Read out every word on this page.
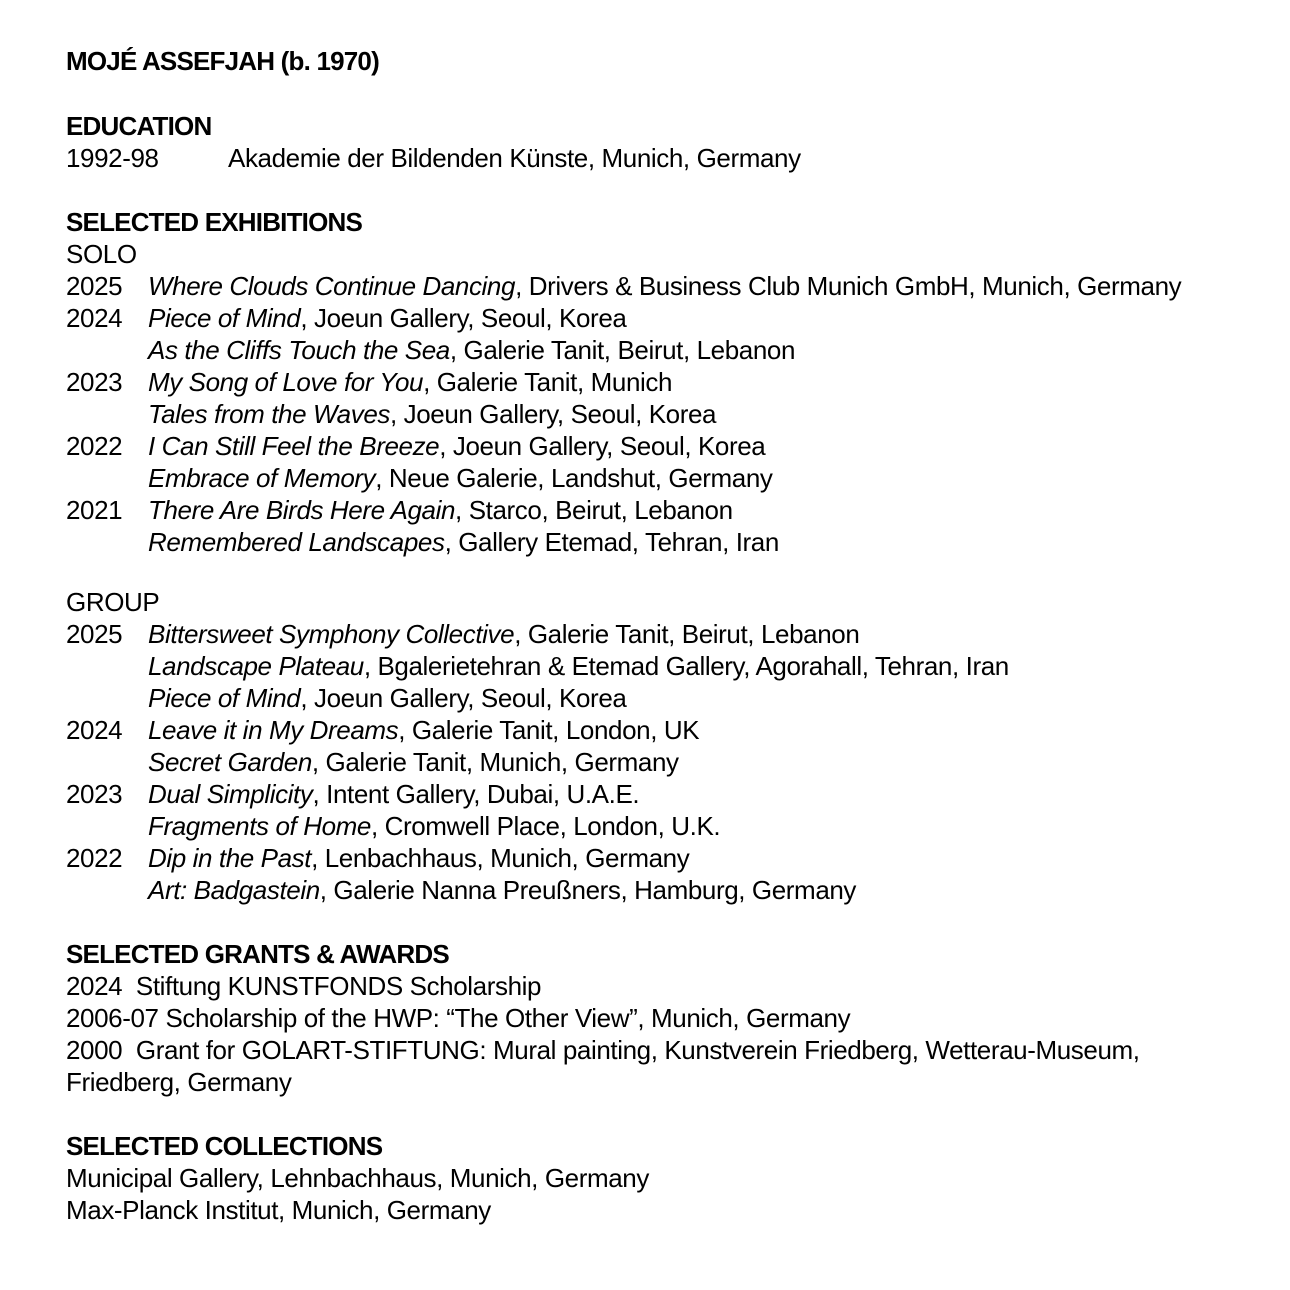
MOJÉ ASSEFJAH (b. 1970)
EDUCATION
1992-98	Akademie der Bildenden Künste, Munich, Germany
SELECTED EXHIBITIONS
SOLO
2025 Where Clouds Continue Dancing, Drivers & Business Club Munich GmbH, Munich, Germany
2024 Piece of Mind, Joeun Gallery, Seoul, Korea
As the Cliffs Touch the Sea, Galerie Tanit, Beirut, Lebanon
2023 My Song of Love for You, Galerie Tanit, Munich
Tales from the Waves, Joeun Gallery, Seoul, Korea
2022 I Can Still Feel the Breeze, Joeun Gallery, Seoul, Korea
Embrace of Memory, Neue Galerie, Landshut, Germany
2021 There Are Birds Here Again, Starco, Beirut, Lebanon
Remembered Landscapes, Gallery Etemad, Tehran, Iran
GROUP
2025 Bittersweet Symphony Collective, Galerie Tanit, Beirut, Lebanon
Landscape Plateau, Bgalerietehran & Etemad Gallery, Agorahall, Tehran, Iran
Piece of Mind, Joeun Gallery, Seoul, Korea
2024 Leave it in My Dreams, Galerie Tanit, London, UK
Secret Garden, Galerie Tanit, Munich, Germany
2023 Dual Simplicity, Intent Gallery, Dubai, U.A.E.
Fragments of Home, Cromwell Place, London, U.K.
2022 Dip in the Past, Lenbachhaus, Munich, Germany
Art: Badgastein, Galerie Nanna Preußners, Hamburg, Germany
SELECTED GRANTS & AWARDS
2024  Stiftung KUNSTFONDS Scholarship
2006-07 Scholarship of the HWP: “The Other View”, Munich, Germany
2000  Grant for GOLART-STIFTUNG: Mural painting, Kunstverein Friedberg, Wetterau-Museum,
Friedberg, Germany
SELECTED COLLECTIONS
Municipal Gallery, Lehnbachhaus, Munich, Germany
Max-Planck Institut, Munich, Germany
